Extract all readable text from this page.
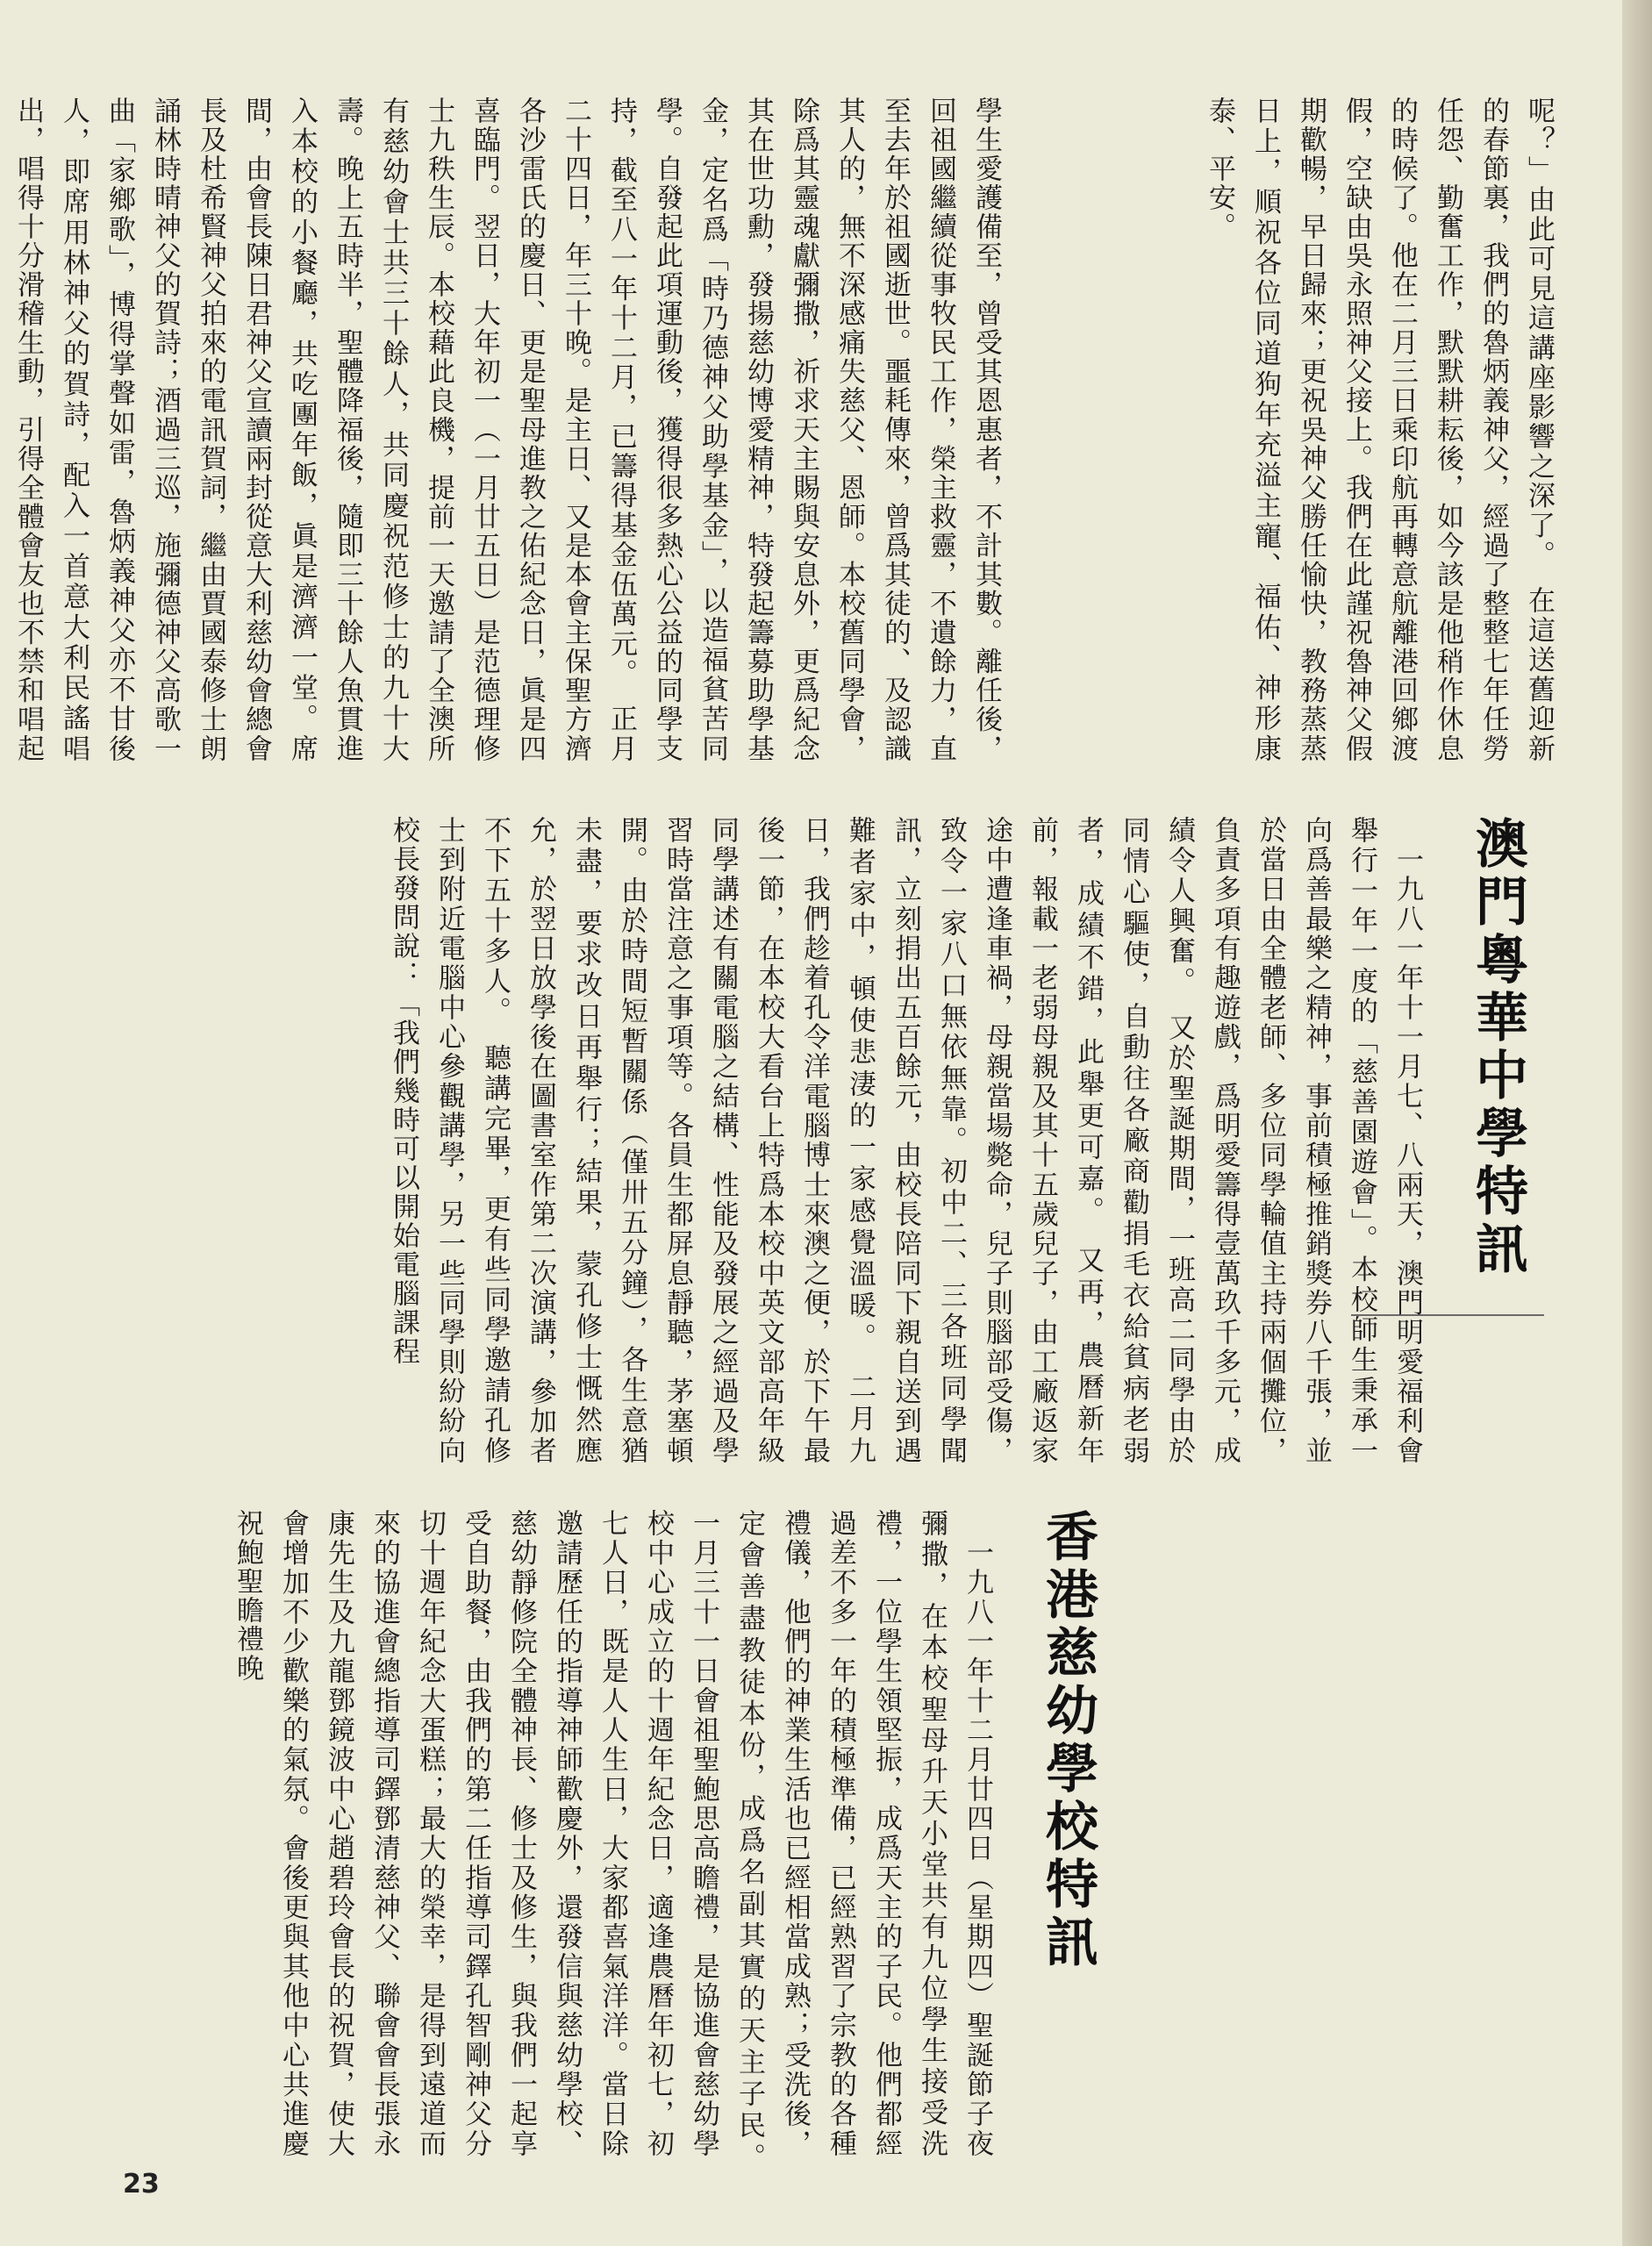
學生愛護備至，曾受其恩惠者，不計其數。離任後，回祖國繼續從事牧民工作，榮主救靈，不遺餘力，直至去年於祖國逝世。噩耗傳來，曾爲其徒的、及認識其人的，無不深感痛失慈父、恩師。本校舊同學會，除爲其靈魂獻彌撒，祈求天主賜與安息外，更爲紀念其在世功勳，發揚慈幼博愛精神，特發起籌募助學基金，定名爲「時乃德神父助學基金」，以造福貧苦同學。自發起此項運動後，獲得很多熱心公益的同學支持，截至八一年十二月，已籌得基金伍萬元。　正月二十四日，年三十晚。是主日、又是本會主保聖方濟各沙雷氏的慶日、更是聖母進教之佑紀念日，眞是四喜臨門。翌日，大年初一（一月廿五日）是范德理修士九秩生辰。本校藉此良機，提前一天邀請了全澳所有慈幼會士共三十餘人，共同慶祝范修士的九十大壽。晚上五時半，聖體降福後，隨即三十餘人魚貫進入本校的小餐廳，共吃團年飯，眞是濟濟一堂。席間，由會長陳日君神父宣讀兩封從意大利慈幼會總會長及杜希賢神父拍來的電訊賀詞，繼由賈國泰修士朗誦林時晴神父的賀詩；酒過三巡，施彌德神父高歌一曲「家鄉歌」，博得掌聲如雷，魯炳義神父亦不甘後人，即席用林神父的賀詩，配入一首意大利民謠唱出，唱得十分滑稽生動，引得全體會友也不禁和唱起	呢？」由此可見這講座影響之深了。　在這送舊迎新的春節裏，我們的魯炳義神父，經過了整整七年任勞任怨、勤奮工作，默默耕耘後，如今該是他稍作休息的時候了。他在二月三日乘印航再轉意航離港回鄉渡假，空缺由吳永照神父接上。我們在此謹祝魯神父假期歡暢，早日歸來；更祝吳神父勝任愉快，教務蒸蒸日上，順祝各位同道狗年充溢主寵、福佑、神形康泰、平安。
澳門粵華中學特訊
　一九八一年十一月七、八兩天，澳門明愛福利會舉行一年一度的「慈善園遊會」。本校師生秉承一向爲善最樂之精神，事前積極推銷獎券八千張，並於當日由全體老師、多位同學輪值主持兩個攤位，負責多項有趣遊戲，爲明愛籌得壹萬玖千多元，成績令人興奮。　又於聖誕期間，一班高二同學由於同情心驅使，自動往各廠商勸捐毛衣給貧病老弱者，成績不錯，此舉更可嘉。　又再，農曆新年前，報載一老弱母親及其十五歲兒子，由工廠返家途中遭逢車禍，母親當場斃命，兒子則腦部受傷，致令一家八口無依無靠。初中二、三各班同學聞訊，立刻捐出五百餘元，由校長陪同下親自送到遇難者家中，頓使悲淒的一家感覺溫暖。　二月九日，我們趁着孔令洋電腦博士來澳之便，於下午最後一節，在本校大看台上特爲本校中英文部高年級同學講述有關電腦之結構、性能及發展之經過及學習時當注意之事項等。各員生都屏息靜聽，茅塞頓開。由於時間短暫關係（僅卅五分鐘），各生意猶未盡，要求改日再舉行；結果，蒙孔修士慨然應允，於翌日放學後在圖書室作第二次演講，參加者不下五十多人。　聽講完畢，更有些同學邀請孔修士到附近電腦中心參觀講學，另一些同學則紛紛向校長發問說：「我們幾時可以開始電腦課程
香港慈幼學校特訊
　一九八一年十二月廿四日（星期四）聖誕節子夜彌撒，在本校聖母升天小堂共有九位學生接受洗禮，一位學生領堅振，成爲天主的子民。他們都經過差不多一年的積極準備，已經熟習了宗教的各種禮儀，他們的神業生活也已經相當成熟；受洗後，定會善盡教徒本份，成爲名副其實的天主子民。　一月三十一日會祖聖鮑思高瞻禮，是協進會慈幼學校中心成立的十週年紀念日，適逢農曆年初七，初七人日，既是人人生日，大家都喜氣洋洋。當日除邀請歷任的指導神師歡慶外，還發信與慈幼學校、慈幼靜修院全體神長、修士及修生，與我們一起享受自助餐，由我們的第二任指導司鐸孔智剛神父分切十週年紀念大蛋糕；最大的榮幸，是得到遠道而來的協進會總指導司鐸鄧清慈神父、聯會會長張永康先生及九龍鄧鏡波中心趙碧玲會長的祝賀，使大會增加不少歡樂的氣氛。會後更與其他中心共進慶祝鮑聖瞻禮晚
23
